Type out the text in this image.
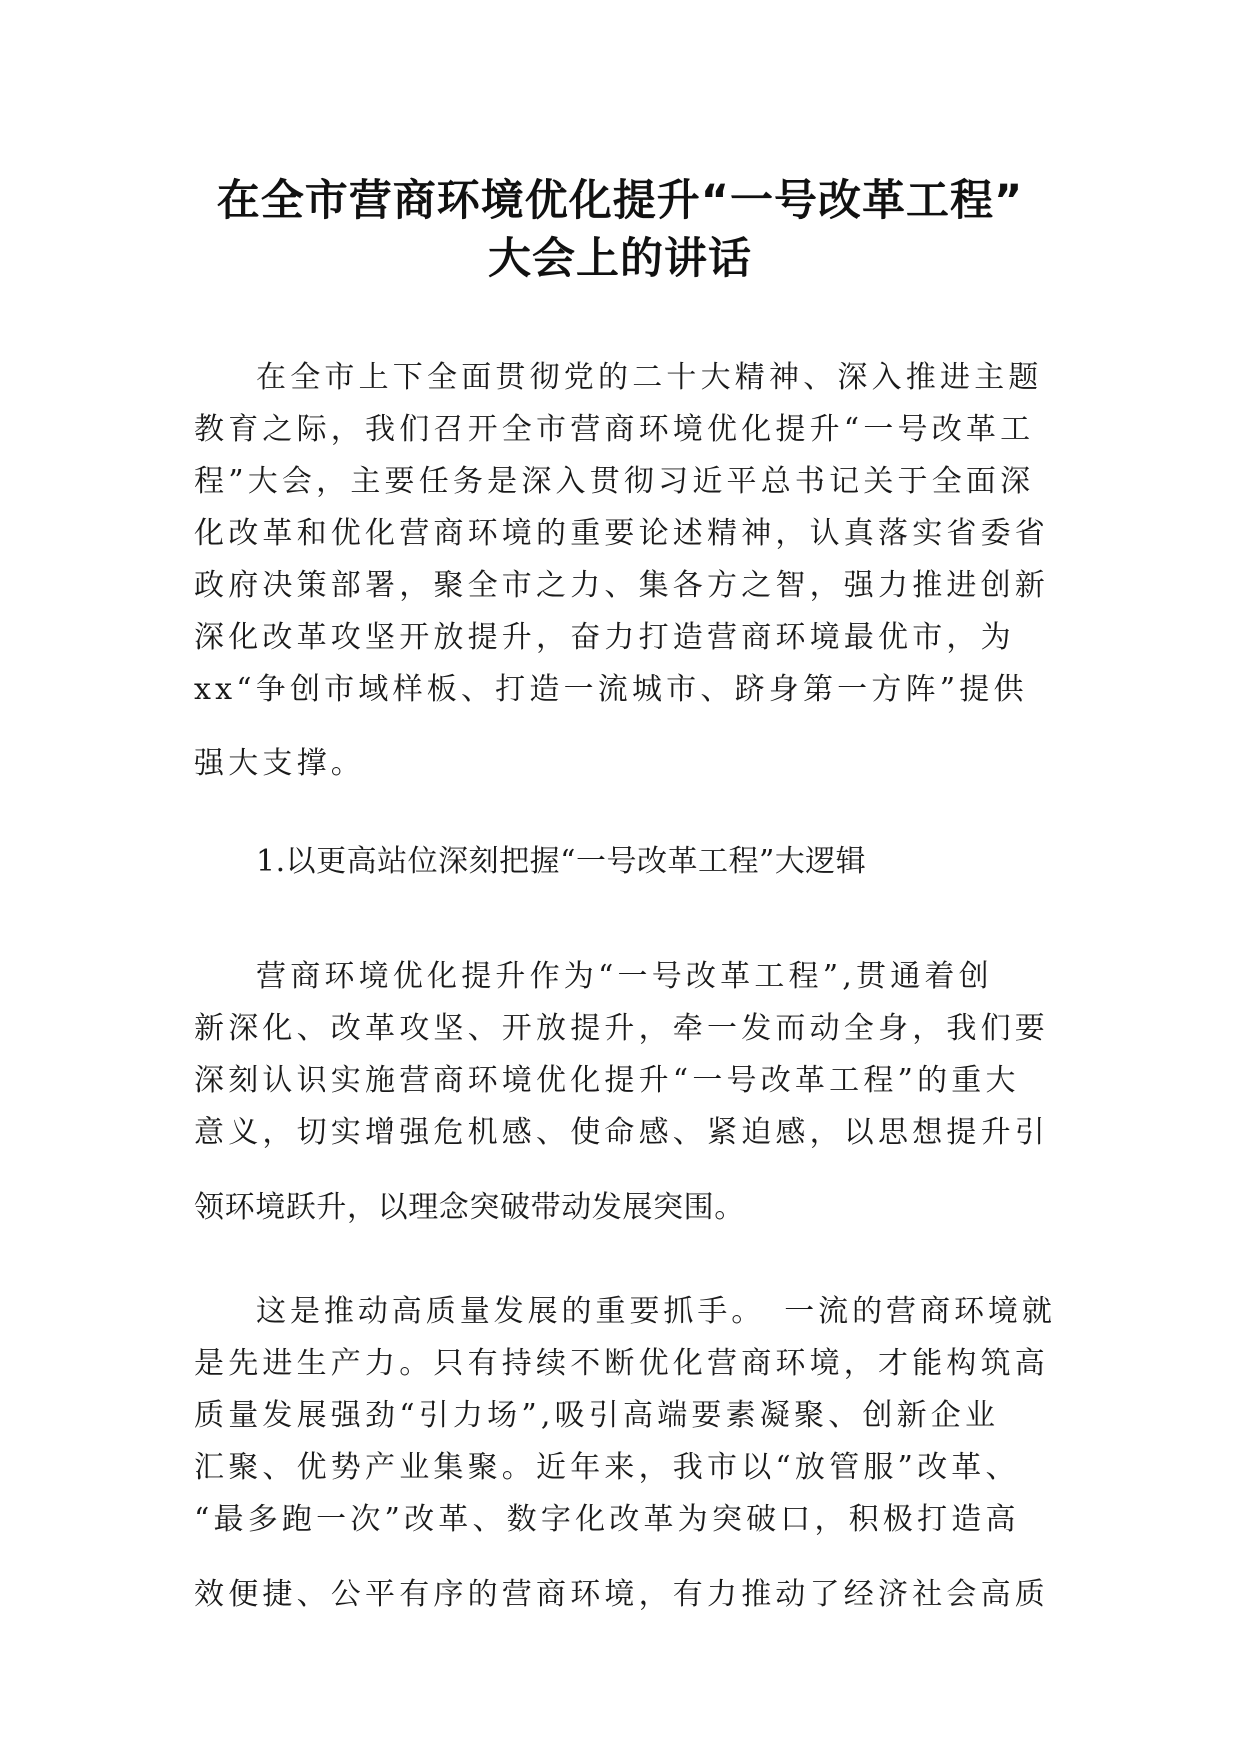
在全市营商环境优化提升“一号改革工程”
大会上的讲话
在全市上下全面贯彻党的二十大精神、深入推进主题
教育之际，我们召开全市营商环境优化提升“一号改革工
程”大会，主要任务是深入贯彻习近平总书记关于全面深
化改革和优化营商环境的重要论述精神，认真落实省委省
政府决策部署，聚全市之力、集各方之智，强力推进创新
深化改革攻坚开放提升，奋力打造营商环境最优市，为
xx“争创市域样板、打造一流城市、跻身第一方阵”提供
强大支撑。
1.以更高站位深刻把握“一号改革工程”大逻辑
营商环境优化提升作为“一号改革工程”,贯通着创
新深化、改革攻坚、开放提升，牵一发而动全身，我们要
深刻认识实施营商环境优化提升“一号改革工程”的重大
意义，切实增强危机感、使命感、紧迫感，以思想提升引
领环境跃升，以理念突破带动发展突围。
这是推动高质量发展的重要抓手。　一流的营商环境就
是先进生产力。只有持续不断优化营商环境，才能构筑高
质量发展强劲“引力场”,吸引高端要素凝聚、创新企业
汇聚、优势产业集聚。近年来，我市以“放管服”改革、
“最多跑一次”改革、数字化改革为突破口，积极打造高
效便捷、公平有序的营商环境，有力推动了经济社会高质
